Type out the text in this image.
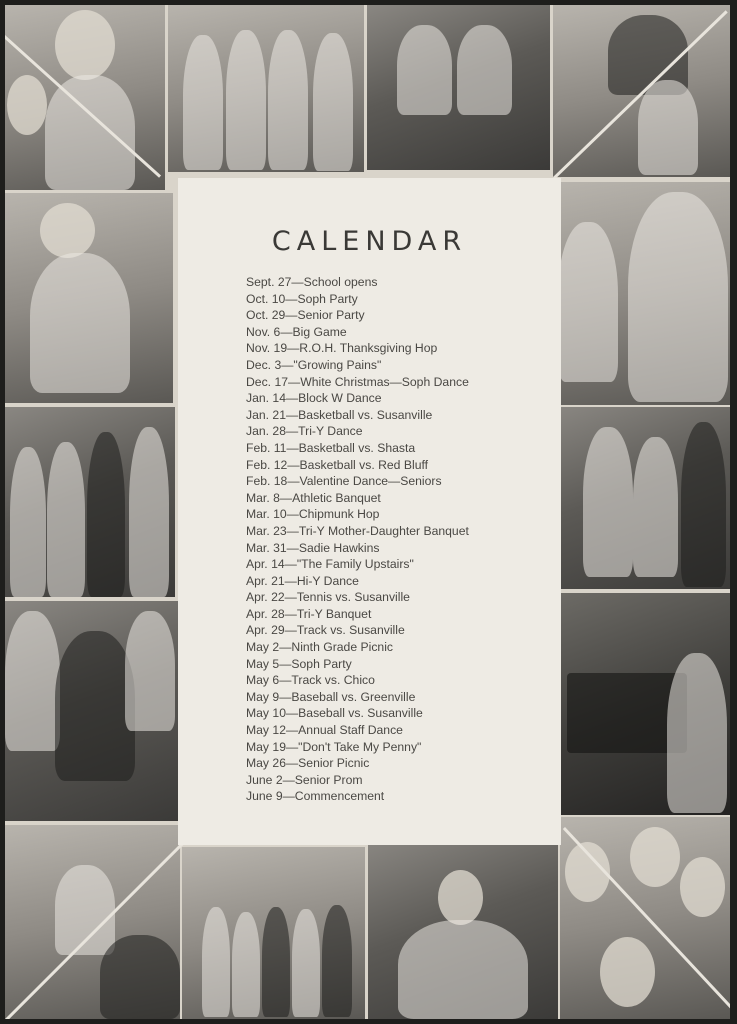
CALENDAR
Sept. 27—School opens
Oct. 10—Soph Party
Oct. 29—Senior Party
Nov. 6—Big Game
Nov. 19—R.O.H. Thanksgiving Hop
Dec. 3—"Growing Pains"
Dec. 17—White Christmas—Soph Dance
Jan. 14—Block W Dance
Jan. 21—Basketball vs. Susanville
Jan. 28—Tri-Y Dance
Feb. 11—Basketball vs. Shasta
Feb. 12—Basketball vs. Red Bluff
Feb. 18—Valentine Dance—Seniors
Mar. 8—Athletic Banquet
Mar. 10—Chipmunk Hop
Mar. 23—Tri-Y Mother-Daughter Banquet
Mar. 31—Sadie Hawkins
Apr. 14—"The Family Upstairs"
Apr. 21—Hi-Y Dance
Apr. 22—Tennis vs. Susanville
Apr. 28—Tri-Y Banquet
Apr. 29—Track vs. Susanville
May 2—Ninth Grade Picnic
May 5—Soph Party
May 6—Track vs. Chico
May 9—Baseball vs. Greenville
May 10—Baseball vs. Susanville
May 12—Annual Staff Dance
May 19—"Don't Take My Penny"
May 26—Senior Picnic
June 2—Senior Prom
June 9—Commencement
